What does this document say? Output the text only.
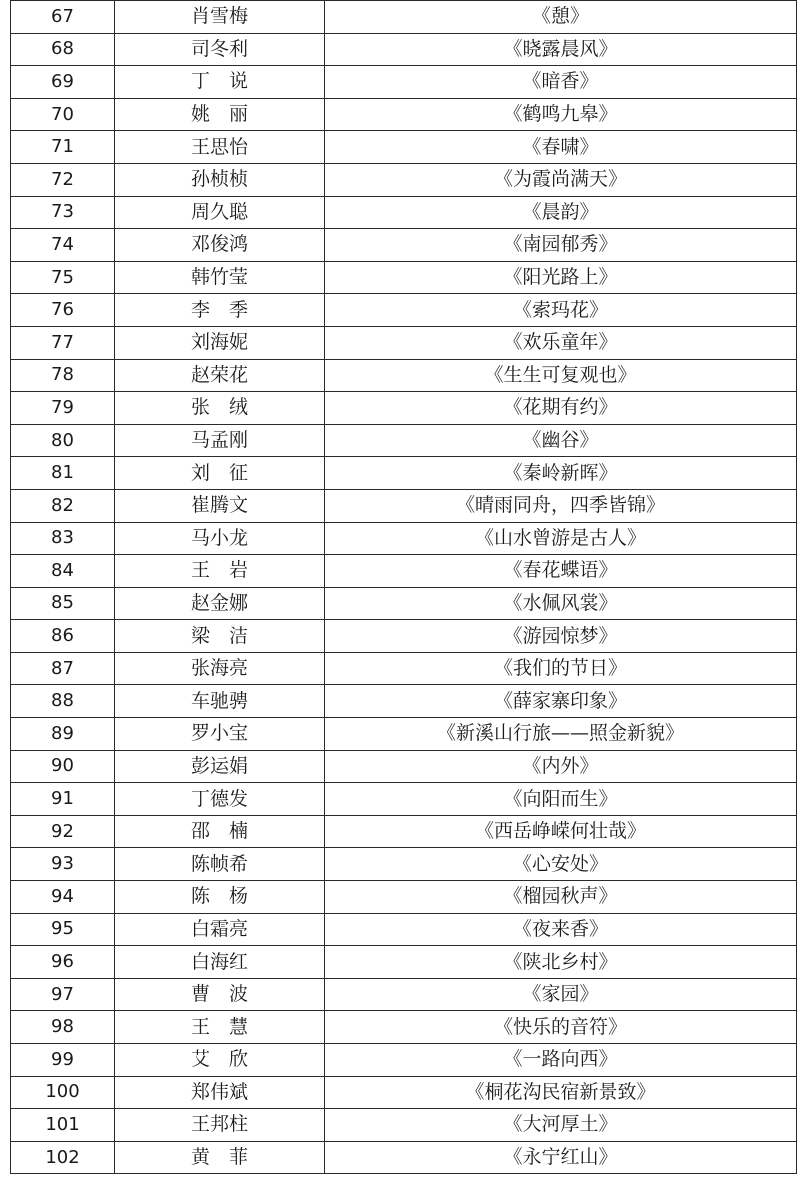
67	肖雪梅	《憩》
68	司冬利	《晓露晨风》
69	丁　说	《暗香》
70	姚　丽	《鹤鸣九皋》
71	王思怡	《春啸》
72	孙桢桢	《为霞尚满天》
73	周久聪	《晨韵》
74	邓俊鸿	《南园郁秀》
75	韩竹莹	《阳光路上》
76	李　季	《索玛花》
77	刘海妮	《欢乐童年》
78	赵荣花	《生生可复观也》
79	张　绒	《花期有约》
80	马孟刚	《幽谷》
81	刘　征	《秦岭新晖》
82	崔腾文	《晴雨同舟，四季皆锦》
83	马小龙	《山水曾游是古人》
84	王　岩	《春花蝶语》
85	赵金娜	《水佩风裳》
86	梁　洁	《游园惊梦》
87	张海亮	《我们的节日》
88	车驰骋	《薛家寨印象》
89	罗小宝	《新溪山行旅——照金新貌》
90	彭运娟	《内外》
91	丁德发	《向阳而生》
92	邵　楠	《西岳峥嵘何壮哉》
93	陈帧希	《心安处》
94	陈　杨	《榴园秋声》
95	白霜亮	《夜来香》
96	白海红	《陕北乡村》
97	曹　波	《家园》
98	王　慧	《快乐的音符》
99	艾　欣	《一路向西》
100	郑伟斌	《桐花沟民宿新景致》
101	王邦柱	《大河厚土》
102	黄　菲	《永宁红山》
